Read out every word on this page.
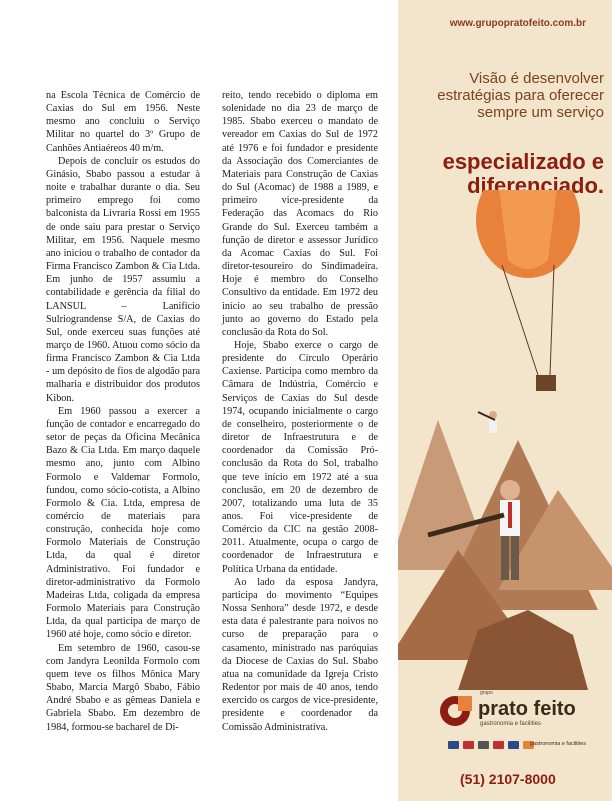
na Escola Técnica de Comércio de Caxias do Sul em 1956. Neste mesmo ano concluiu o Serviço Militar no quartel do 3º Grupo de Canhões Antiaéreos 40 m/m.

Depois de concluir os estudos do Ginásio, Sbabo passou a estudar à noite e trabalhar durante o dia. Seu primeiro emprego foi como balconista da Livraria Rossi em 1955 de onde saiu para prestar o Serviço Militar, em 1956. Naquele mesmo ano iniciou o trabalho de contador da Firma Francisco Zambon & Cia Ltda. Em junho de 1957 assumiu a contabilidade e gerência da filial do LANSUL – Lanifício Sulriograndense S/A, de Caxias do Sul, onde exerceu suas funções até março de 1960. Atuou como sócio da firma Francisco Zambon & Cia Ltda - um depósito de fios de algodão para malharia e distribuidor dos produtos Kibon.

Em 1960 passou a exercer a função de contador e encarregado do setor de peças da Oficina Mecânica Bazo & Cia Ltda. Em março daquele mesmo ano, junto com Albino Formolo e Valdemar Formolo, fundou, como sócio-cotista, a Albino Formolo & Cia. Ltda, empresa de comércio de materiais para construção, conhecida hoje como Formolo Materiais de Construção Ltda, da qual é diretor Administrativo. Foi fundador e diretor-administrativo da Formolo Madeiras Ltda, coligada da empresa Formolo Materiais para Construção Ltda, da qual participa de março de 1960 até hoje, como sócio e diretor.

Em setembro de 1960, casou-se com Jandyra Leonilda Formolo com quem teve os filhos Mônica Mary Sbabo, Marcia Margô Sbabo, Fábio André Sbabo e as gêmeas Daniela e Gabriela Sbabo. Em dezembro de 1984, formou-se bacharel de Di-

reito, tendo recebido o diploma em solenidade no dia 23 de março de 1985. Sbabo exerceu o mandato de vereador em Caxias do Sul de 1972 até 1976 e foi fundador e presidente da Associação dos Comerciantes de Materiais para Construção de Caxias do Sul (Acomac) de 1988 a 1989, e primeiro vice-presidente da Federação das Acomacs do Rio Grande do Sul. Exerceu também a função de diretor e assessor Jurídico da Acomac Caxias do Sul. Foi diretor-tesoureiro do Sindimadeira. Hoje é membro do Conselho Consultivo da entidade. Em 1972 deu início ao seu trabalho de pressão junto ao governo do Estado pela conclusão da Rota do Sol.

Hoje, Sbabo exerce o cargo de presidente do Círculo Operário Caxiense. Participa como membro da Câmara de Indústria, Comércio e Serviços de Caxias do Sul desde 1974, ocupando inicialmente o cargo de conselheiro, posteriormente o de diretor de Infraestrutura e de coordenador da Comissão Pró-conclusão da Rota do Sol, trabalho que teve início em 1972 até a sua conclusão, em 20 de dezembro de 2007, totalizando uma luta de 35 anos. Foi vice-presidente de Comércio da CIC na gestão 2008-2011. Atualmente, ocupa o cargo de coordenador de Infraestrutura e Política Urbana da entidade.

Ao lado da esposa Jandyra, participa do movimento “Equipes Nossa Senhora” desde 1972, e desde esta data é palestrante para noivos no curso de preparação para o casamento, ministrado nas paróquias da Diocese de Caxias do Sul. Sbabo atua na comunidade da Igreja Cristo Redentor por mais de 40 anos, tendo exercido os cargos de vice-presidente, presidente e coordenador da Comissão Administrativa.

www.grupopratofeito.com.br
Visão é desenvolver estratégias para oferecer sempre um serviço
especializado e diferenciado.
grupo
prato feito
gastronomia e facilities
gastronomia e facilities
(51) 2107-8000
